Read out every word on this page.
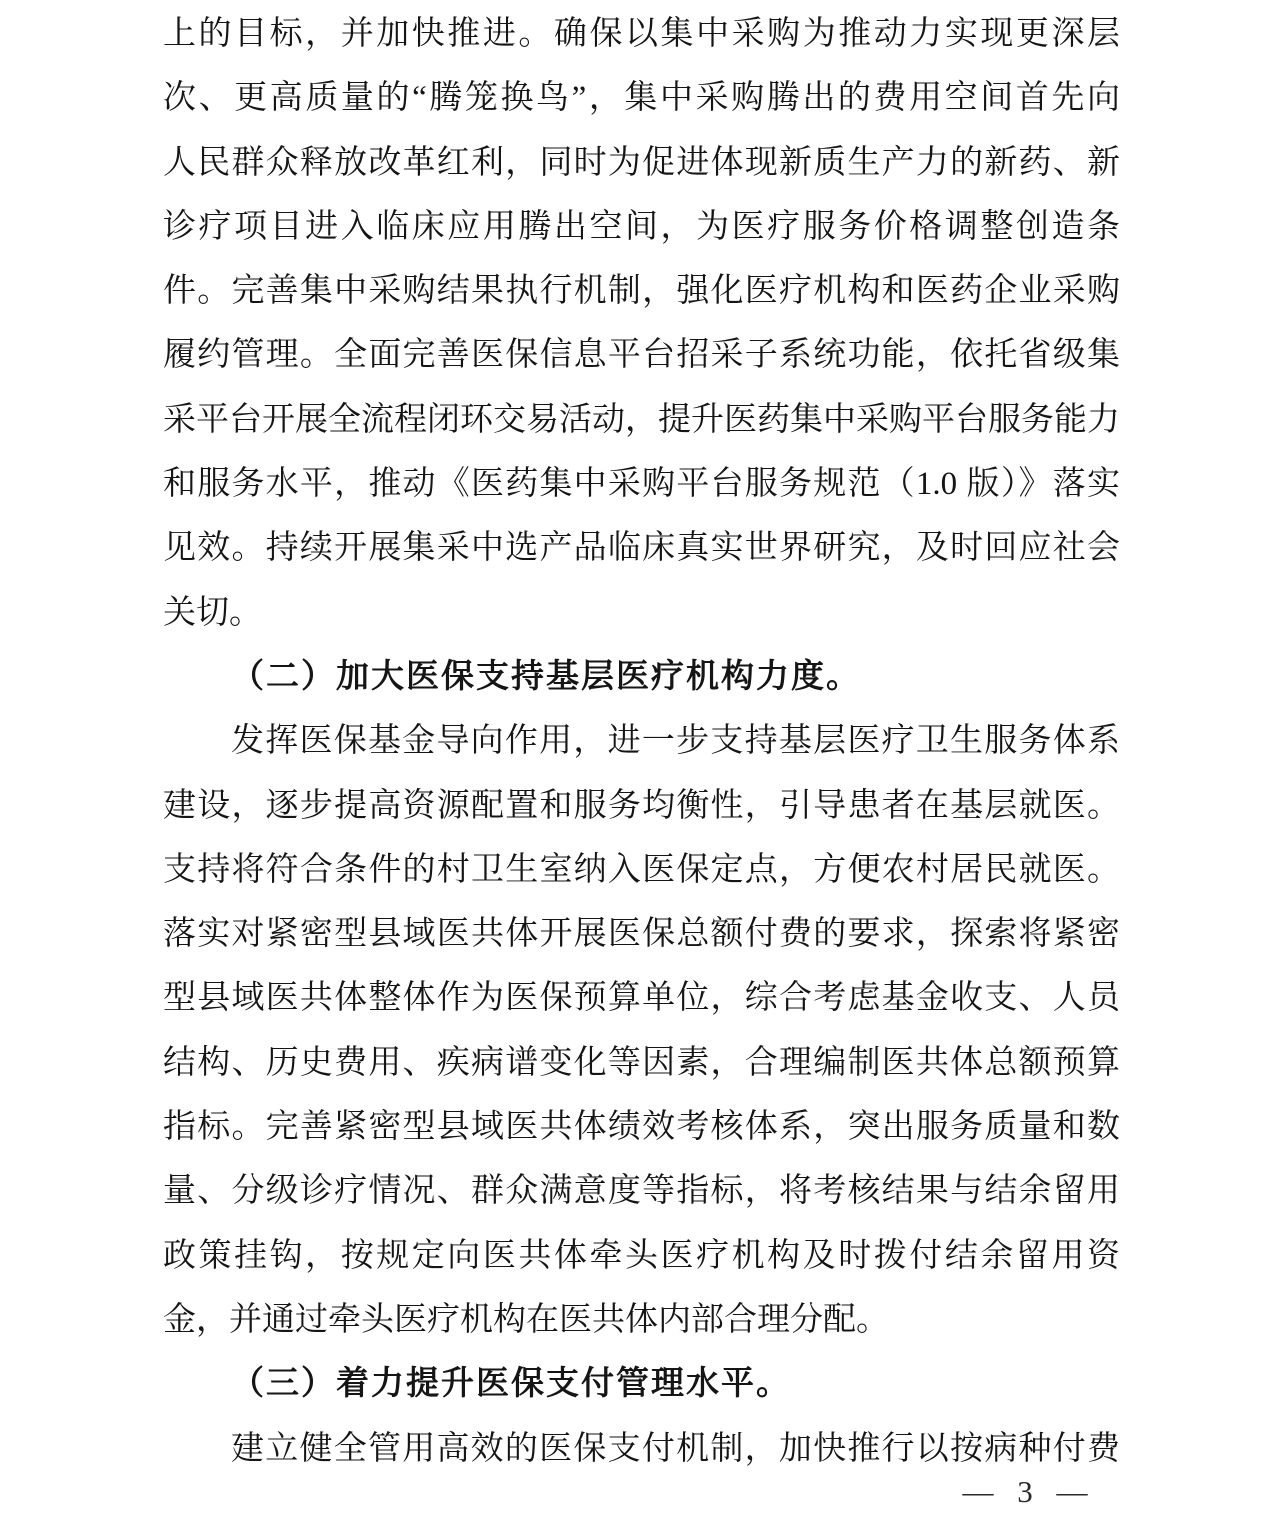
上的目标，并加快推进。确保以集中采购为推动力实现更深层
次、更高质量的“腾笼换鸟”，集中采购腾出的费用空间首先向
人民群众释放改革红利，同时为促进体现新质生产力的新药、新
诊疗项目进入临床应用腾出空间，为医疗服务价格调整创造条
件。完善集中采购结果执行机制，强化医疗机构和医药企业采购
履约管理。全面完善医保信息平台招采子系统功能，依托省级集
采平台开展全流程闭环交易活动，提升医药集中采购平台服务能力
和服务水平，推动《医药集中采购平台服务规范（1.0 版）》落实
见效。持续开展集采中选产品临床真实世界研究，及时回应社会
关切。
（二）加大医保支持基层医疗机构力度。
发挥医保基金导向作用，进一步支持基层医疗卫生服务体系
建设，逐步提高资源配置和服务均衡性，引导患者在基层就医。
支持将符合条件的村卫生室纳入医保定点，方便农村居民就医。
落实对紧密型县域医共体开展医保总额付费的要求，探索将紧密
型县域医共体整体作为医保预算单位，综合考虑基金收支、人员
结构、历史费用、疾病谱变化等因素，合理编制医共体总额预算
指标。完善紧密型县域医共体绩效考核体系，突出服务质量和数
量、分级诊疗情况、群众满意度等指标，将考核结果与结余留用
政策挂钩，按规定向医共体牵头医疗机构及时拨付结余留用资
金，并通过牵头医疗机构在医共体内部合理分配。
（三）着力提升医保支付管理水平。
建立健全管用高效的医保支付机制，加快推行以按病种付费
— 3 —
